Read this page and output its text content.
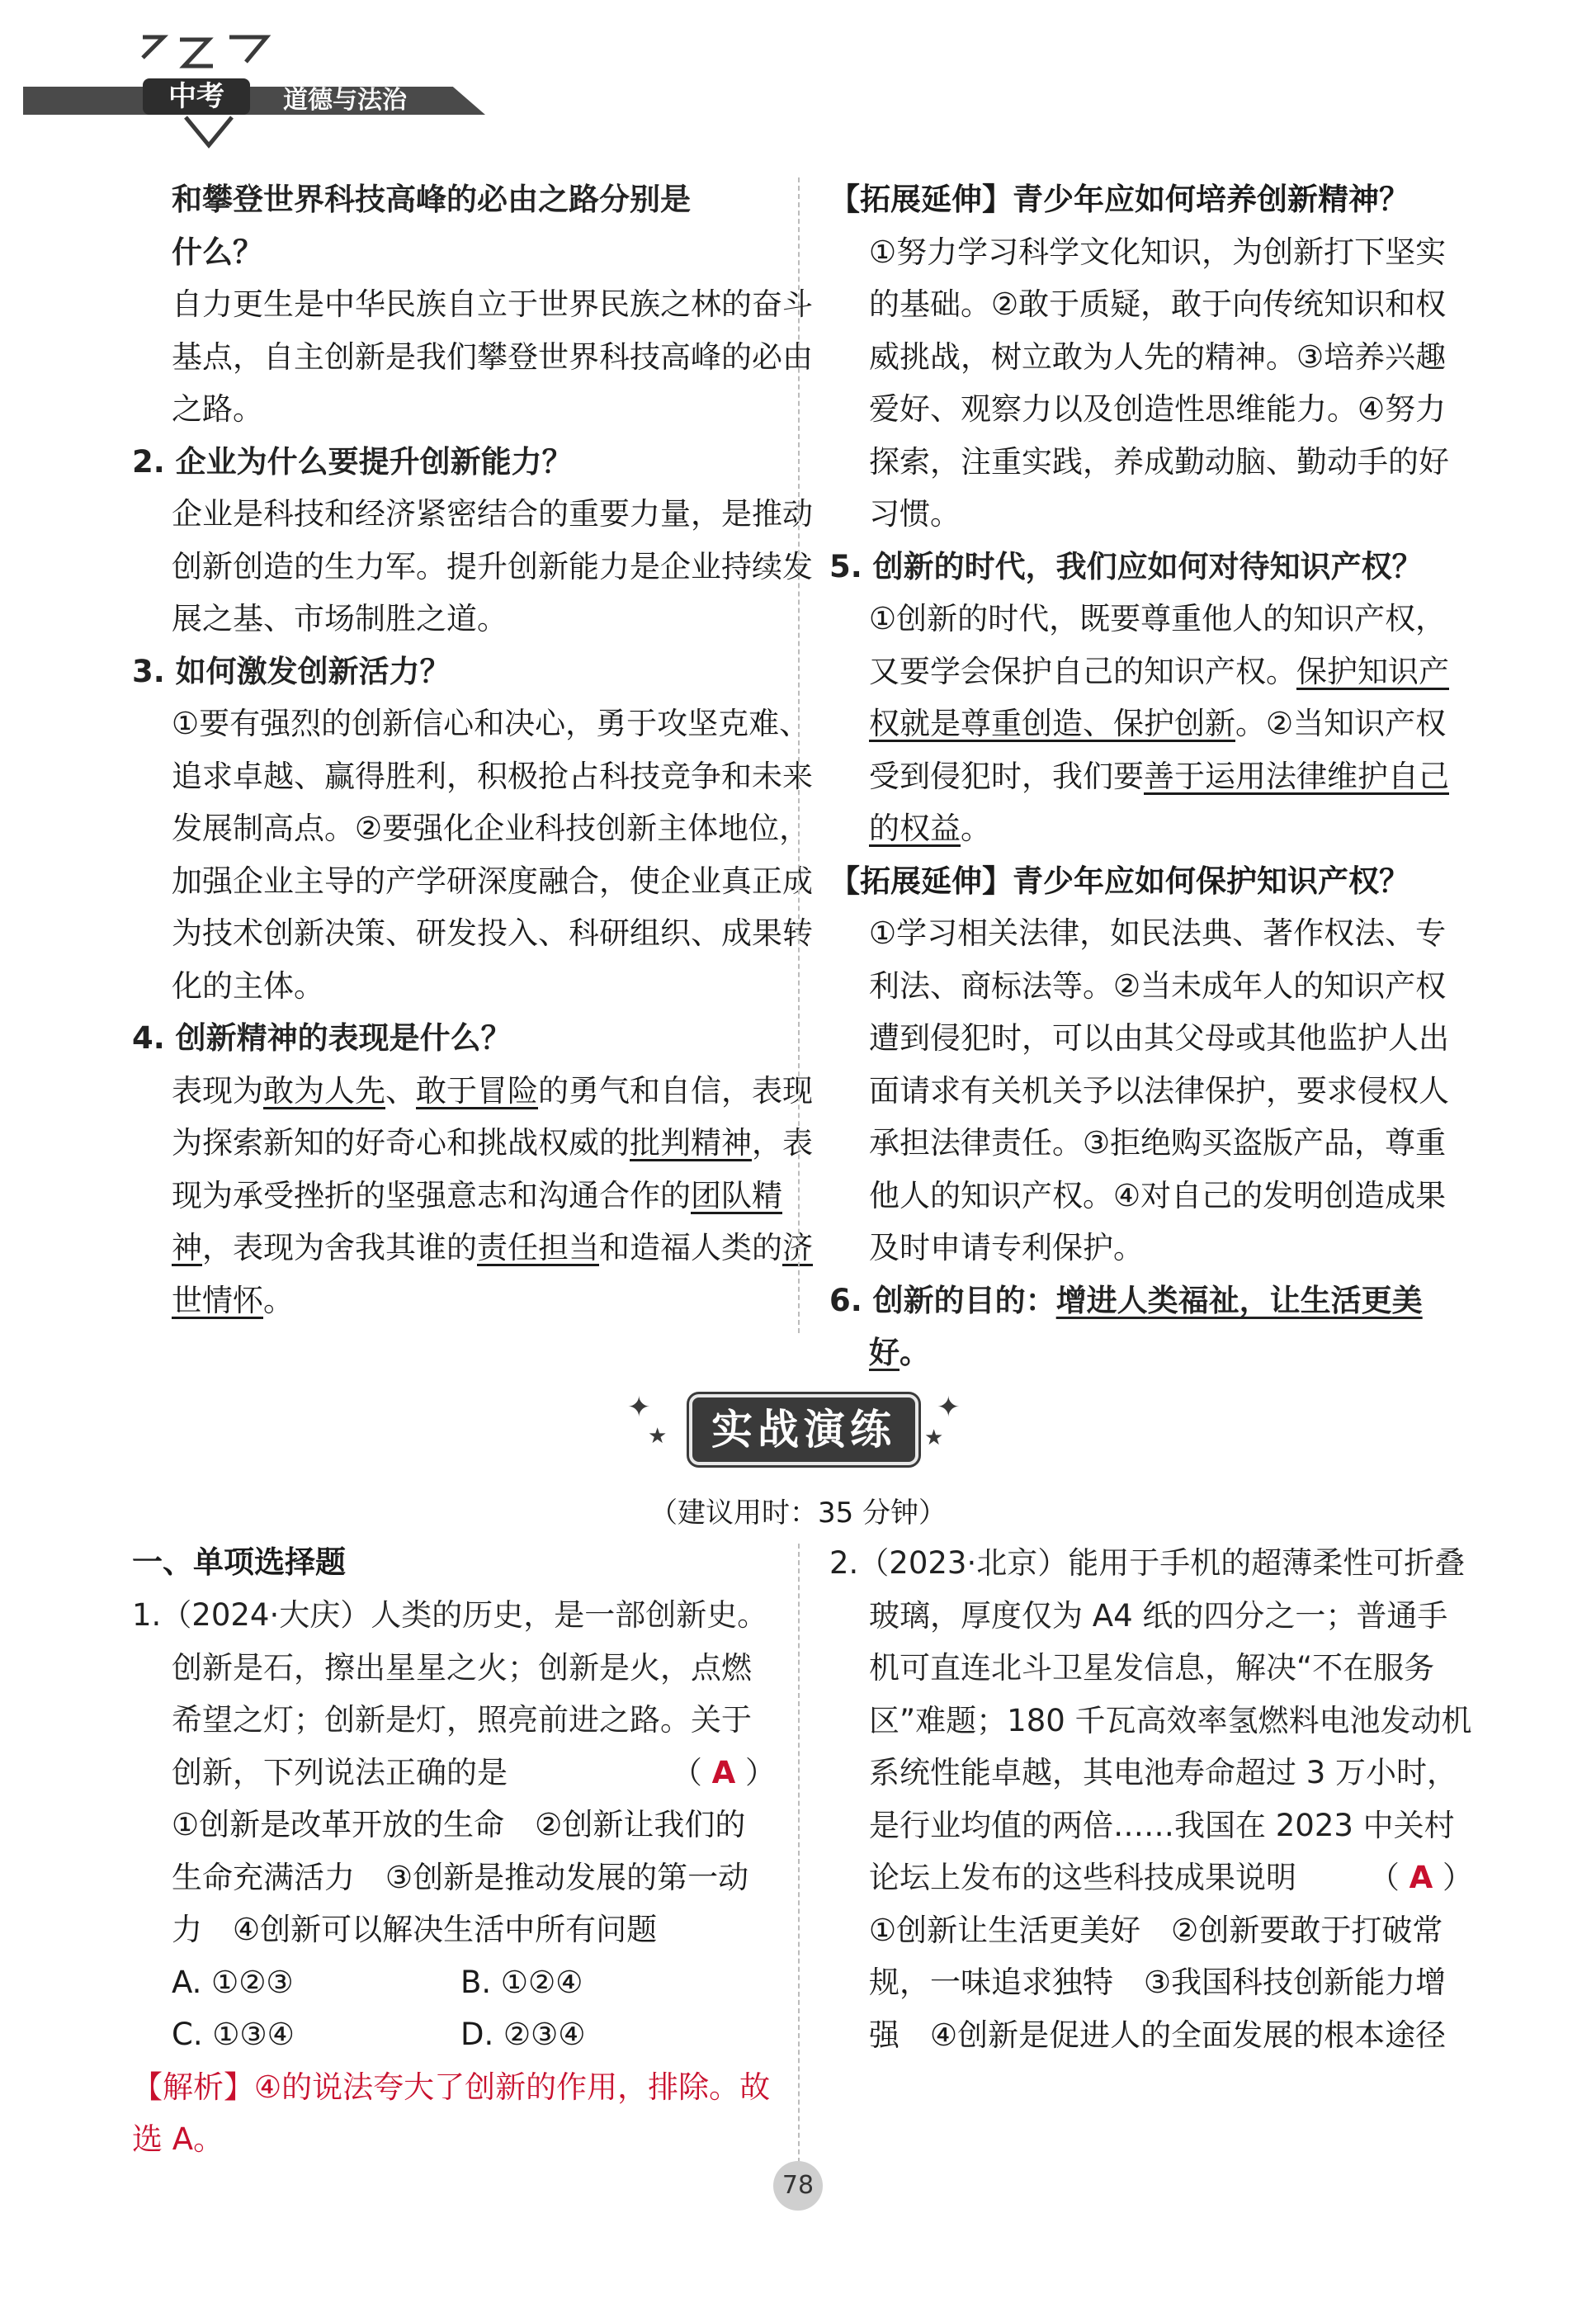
中考6+1
道德与法治

和攀登世界科技高峰的必由之路分别是
什么？

自力更生是中华民族自立于世界民族之林的奋斗基点，自主创新是我们攀登世界科技高峰的必由之路。

2. 企业为什么要提升创新能力？

企业是科技和经济紧密结合的重要力量，是推动创新创造的生力军。提升创新能力是企业持续发展之基、市场制胜之道。

3. 如何激发创新活力？

①要有强烈的创新信心和决心，勇于攻坚克难、追求卓越、赢得胜利，积极抢占科技竞争和未来发展制高点。②要强化企业科技创新主体地位，加强企业主导的产学研深度融合，使企业真正成为技术创新决策、研发投入、科研组织、成果转化的主体。

4. 创新精神的表现是什么？

表现为敢为人先、敢于冒险的勇气和自信，表现为探索新知的好奇心和挑战权威的批判精神，表现为承受挫折的坚强意志和沟通合作的团队精神，表现为舍我其谁的责任担当和造福人类的济世情怀。

【拓展延伸】青少年应如何培养创新精神？

①努力学习科学文化知识，为创新打下坚实的基础。②敢于质疑，敢于向传统知识和权威挑战，树立敢为人先的精神。③培养兴趣爱好、观察力以及创造性思维能力。④努力探索，注重实践，养成勤动脑、勤动手的好习惯。

5. 创新的时代，我们应如何对待知识产权？

①创新的时代，既要尊重他人的知识产权，又要学会保护自己的知识产权。保护知识产权就是尊重创造、保护创新。②当知识产权受到侵犯时，我们要善于运用法律维护自己的权益。

【拓展延伸】青少年应如何保护知识产权？

①学习相关法律，如民法典、著作权法、专利法、商标法等。②当未成年人的知识产权遭到侵犯时，可以由其父母或其他监护人出面请求有关机关予以法律保护，要求侵权人承担法律责任。③拒绝购买盗版产品，尊重他人的知识产权。④对自己的发明创造成果及时申请专利保护。

6. 创新的目的：增进人类福祉，让生活更美好。

✦
★
✦
★
实战演练
（建议用时：35 分钟）
一、单项选择题

1.（2024·大庆）人类的历史，是一部创新史。创新是石，擦出星星之火；创新是火，点燃希望之灯；创新是灯，照亮前进之路。关于创新，下列说法正确的是	（ A ）

①创新是改革开放的生命　②创新让我们的生命充满活力　③创新是推动发展的第一动力　④创新可以解决生活中所有问题

A. ①②③	B. ①②④
C. ①③④	D. ②③④

【解析】④的说法夸大了创新的作用，排除。故选 A。

2.（2023·北京）能用于手机的超薄柔性可折叠玻璃，厚度仅为 A4 纸的四分之一；普通手机可直连北斗卫星发信息，解决“不在服务区”难题；180 千瓦高效率氢燃料电池发动机系统性能卓越，其电池寿命超过 3 万小时，是行业均值的两倍……我国在 2023 中关村论坛上发布的这些科技成果说明 （ A ）

①创新让生活更美好　②创新要敢于打破常规，一味追求独特　③我国科技创新能力增强　④创新是促进人的全面发展的根本途径

78
